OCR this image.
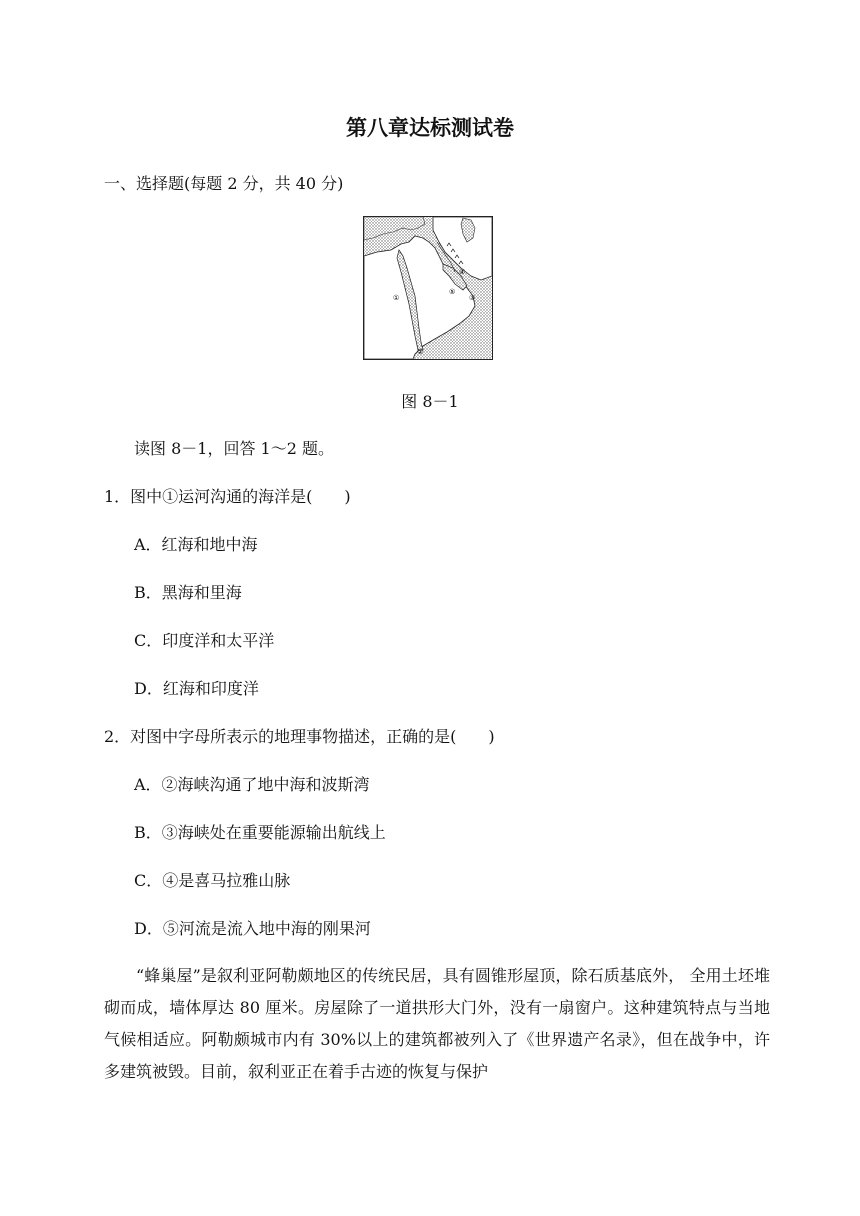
第八章达标测试卷
一、选择题(每题 2 分，共 40 分)
①
②
③
④
⑤
图 8－1
读图 8－1，回答 1～2 题。
1．图中①运河沟通的海洋是(　　)
A．红海和地中海
B．黑海和里海
C．印度洋和太平洋
D．红海和印度洋
2．对图中字母所表示的地理事物描述，正确的是(　　)
A．②海峡沟通了地中海和波斯湾
B．③海峡处在重要能源输出航线上
C．④是喜马拉雅山脉
D．⑤河流是流入地中海的刚果河
“蜂巢屋”是叙利亚阿勒颇地区的传统民居，具有圆锥形屋顶，除石质基底外， 全用土坯堆砌而成，墙体厚达 80 厘米。房屋除了一道拱形大门外，没有一扇窗户。这种建筑特点与当地气候相适应。阿勒颇城市内有 30%以上的建筑都被列入了《世界遗产名录》，但在战争中，许多建筑被毁。目前，叙利亚正在着手古迹的恢复与保护
